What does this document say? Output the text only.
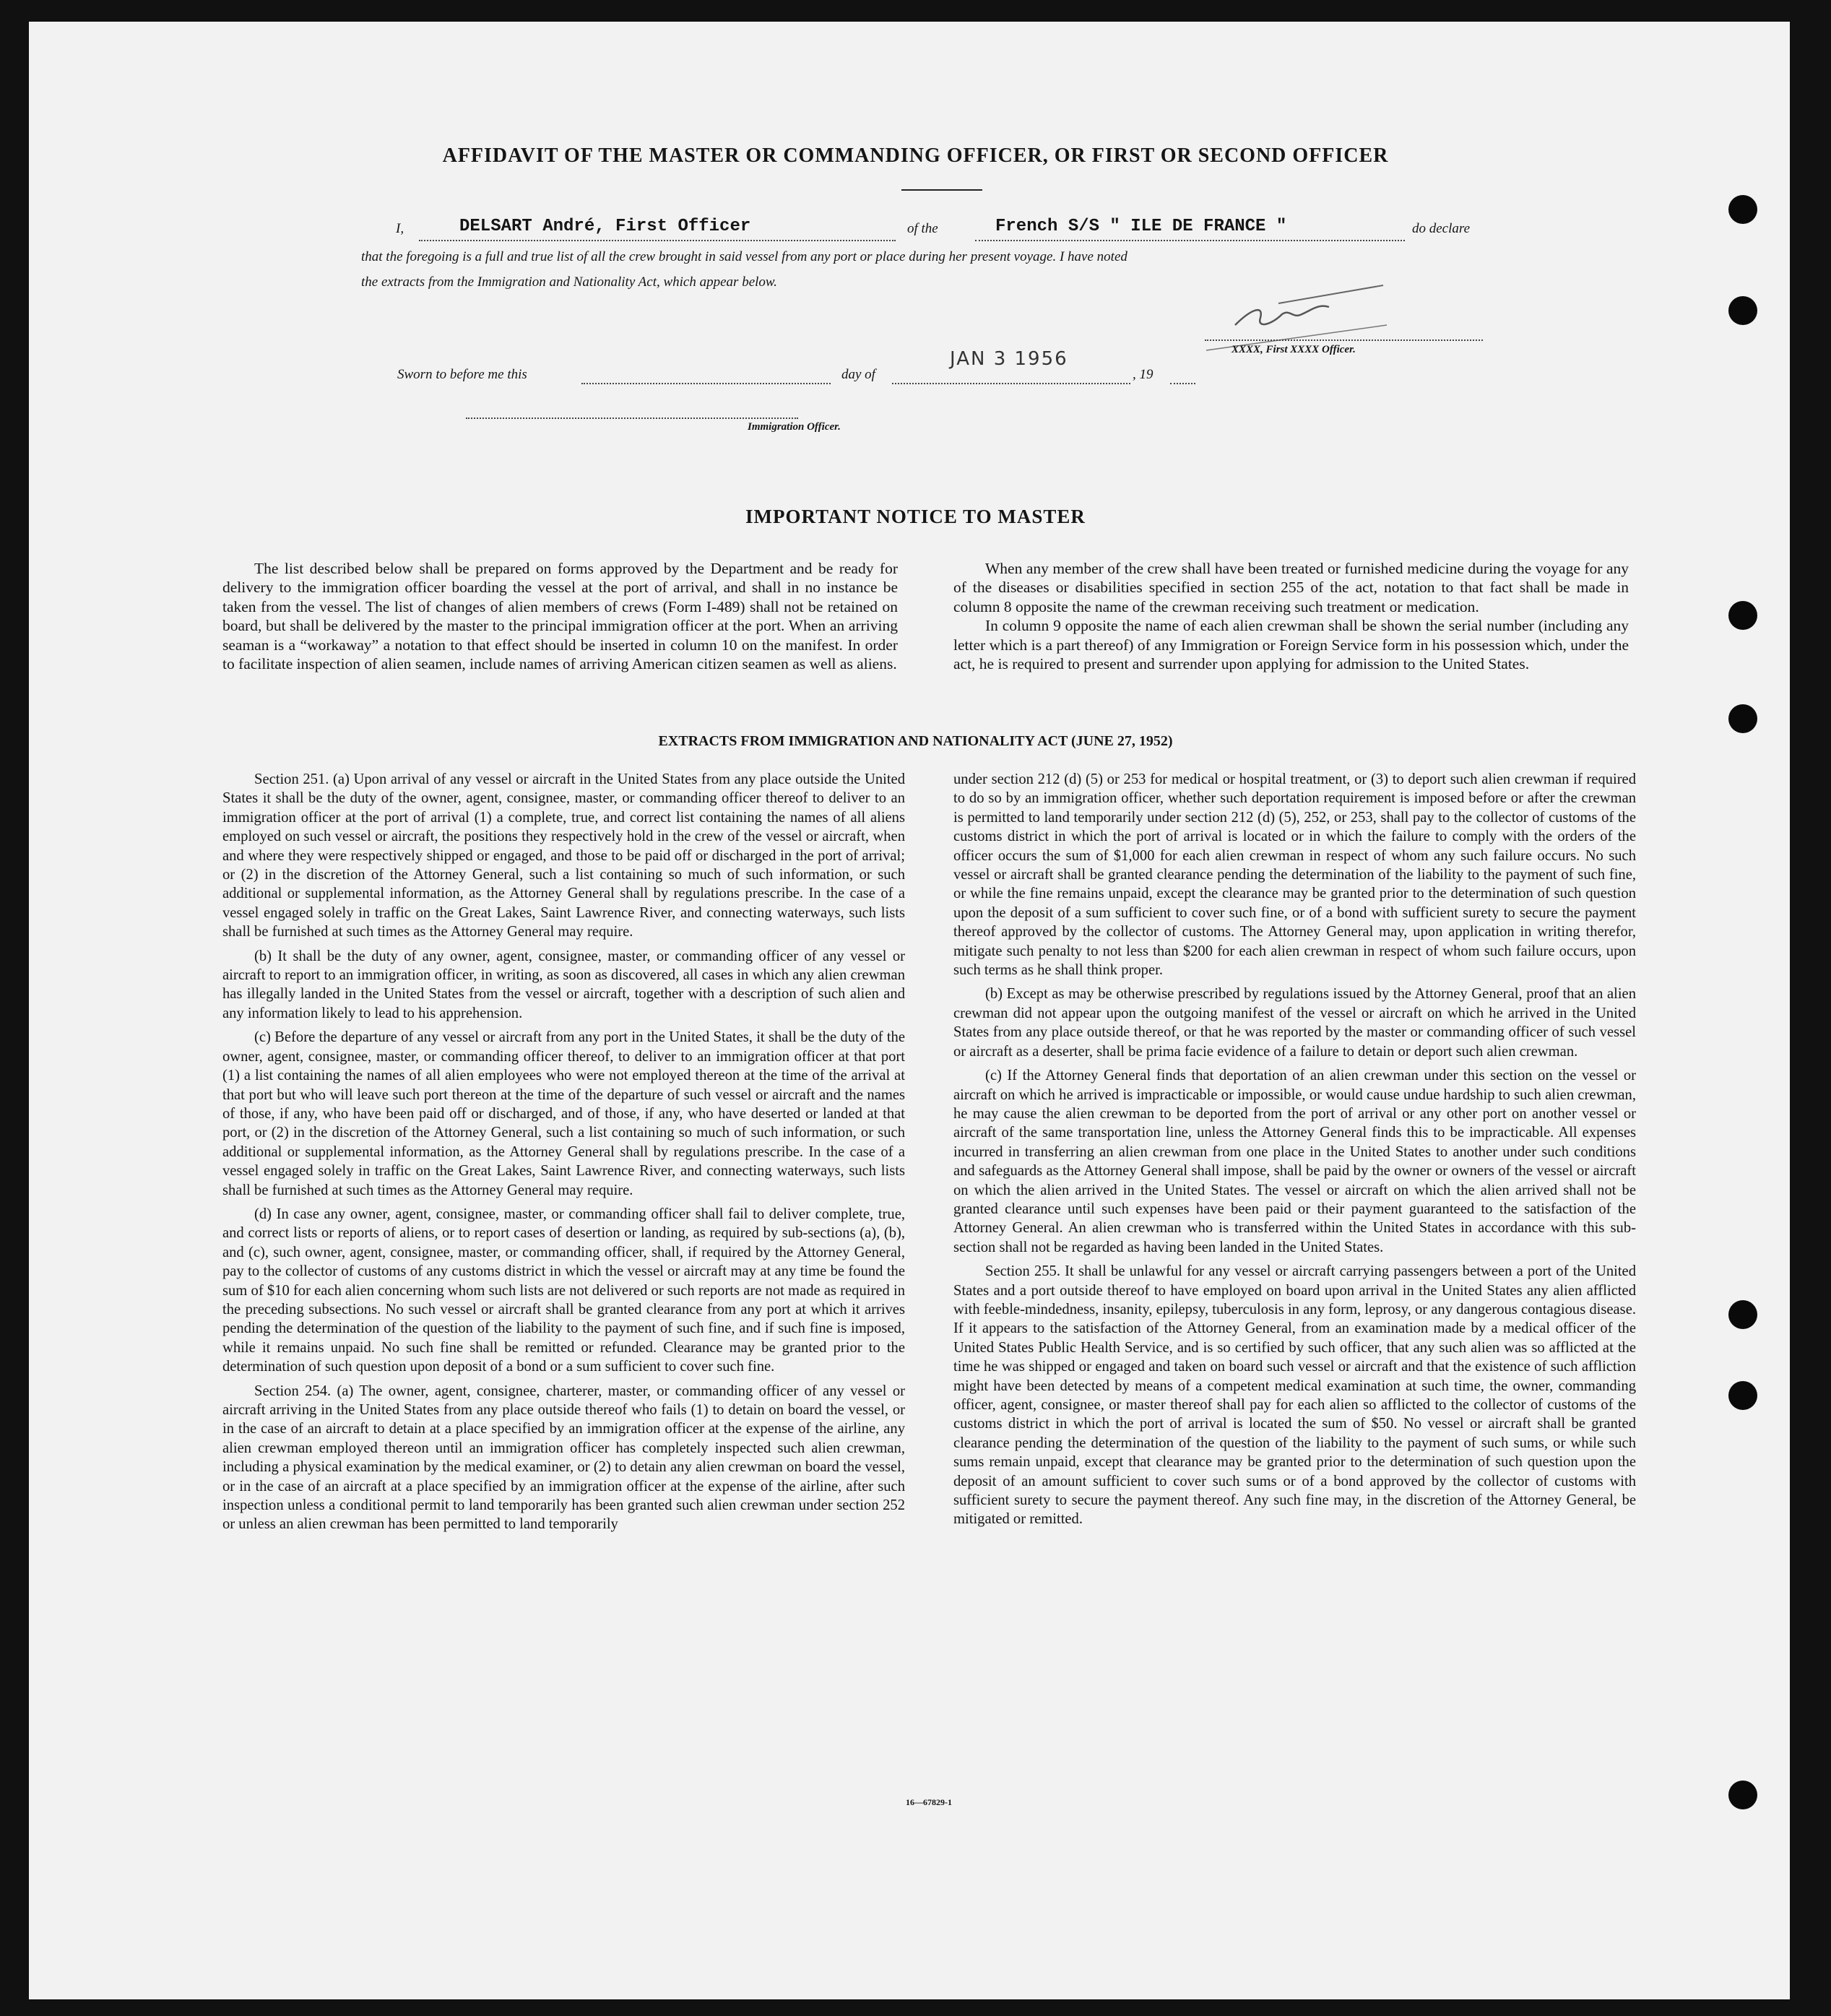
AFFIDAVIT OF THE MASTER OR COMMANDING OFFICER, OR FIRST OR SECOND OFFICER
I,	DELSART André, First Officer	of the	French S/S " ILE DE FRANCE "	do declare
that the foregoing is a full and true list of all the crew brought in said vessel from any port or place during her present voyage. I have noted
the extracts from the Immigration and Nationality Act, which appear below.
XXXX, First XXXX Officer.
Sworn to before me this	day of
JAN 3 1956
, 19
Immigration Officer.
IMPORTANT NOTICE TO MASTER

The list described below shall be prepared on forms approved by the Department and be ready for delivery to the immigration officer boarding the vessel at the port of arrival, and shall in no instance be taken from the vessel. The list of changes of alien members of crews (Form I-489) shall not be retained on board, but shall be delivered by the master to the principal immigration officer at the port. When an arriving seaman is a “workaway” a notation to that effect should be inserted in column 10 on the manifest. In order to facilitate inspection of alien seamen, include names of arriving American citizen seamen as well as aliens.

When any member of the crew shall have been treated or furnished medicine during the voyage for any of the diseases or disabilities specified in section 255 of the act, notation to that fact shall be made in column 8 opposite the name of the crewman receiving such treatment or medication.

In column 9 opposite the name of each alien crewman shall be shown the serial number (including any letter which is a part thereof) of any Immigration or Foreign Service form in his possession which, under the act, he is required to present and surrender upon applying for admission to the United States.

EXTRACTS FROM IMMIGRATION AND NATIONALITY ACT (JUNE 27, 1952)

Section 251. (a) Upon arrival of any vessel or aircraft in the United States from any place outside the United States it shall be the duty of the owner, agent, consignee, master, or commanding officer thereof to deliver to an immigration officer at the port of arrival (1) a complete, true, and correct list containing the names of all aliens employed on such vessel or aircraft, the positions they respectively hold in the crew of the vessel or aircraft, when and where they were respectively shipped or engaged, and those to be paid off or discharged in the port of arrival; or (2) in the discretion of the Attorney General, such a list containing so much of such information, or such additional or supplemental information, as the Attorney General shall by regulations prescribe. In the case of a vessel engaged solely in traffic on the Great Lakes, Saint Lawrence River, and connecting waterways, such lists shall be furnished at such times as the Attorney General may require.

(b) It shall be the duty of any owner, agent, consignee, master, or commanding officer of any vessel or aircraft to report to an immigration officer, in writing, as soon as discovered, all cases in which any alien crewman has illegally landed in the United States from the vessel or aircraft, together with a description of such alien and any information likely to lead to his apprehension.

(c) Before the departure of any vessel or aircraft from any port in the United States, it shall be the duty of the owner, agent, consignee, master, or commanding officer thereof, to deliver to an immigration officer at that port (1) a list containing the names of all alien employees who were not employed thereon at the time of the arrival at that port but who will leave such port thereon at the time of the departure of such vessel or aircraft and the names of those, if any, who have been paid off or discharged, and of those, if any, who have deserted or landed at that port, or (2) in the discretion of the Attorney General, such a list containing so much of such information, or such additional or supplemental information, as the Attorney General shall by regulations prescribe. In the case of a vessel engaged solely in traffic on the Great Lakes, Saint Lawrence River, and connecting waterways, such lists shall be furnished at such times as the Attorney General may require.

(d) In case any owner, agent, consignee, master, or commanding officer shall fail to deliver complete, true, and correct lists or reports of aliens, or to report cases of desertion or landing, as required by sub-sections (a), (b), and (c), such owner, agent, consignee, master, or commanding officer, shall, if required by the Attorney General, pay to the collector of customs of any customs district in which the vessel or aircraft may at any time be found the sum of $10 for each alien concerning whom such lists are not delivered or such reports are not made as required in the preceding subsections. No such vessel or aircraft shall be granted clearance from any port at which it arrives pending the determination of the question of the liability to the payment of such fine, and if such fine is imposed, while it remains unpaid. No such fine shall be remitted or refunded. Clearance may be granted prior to the determination of such question upon deposit of a bond or a sum sufficient to cover such fine.

Section 254. (a) The owner, agent, consignee, charterer, master, or commanding officer of any vessel or aircraft arriving in the United States from any place outside thereof who fails (1) to detain on board the vessel, or in the case of an aircraft to detain at a place specified by an immigration officer at the expense of the airline, any alien crewman employed thereon until an immigration officer has completely inspected such alien crewman, including a physical examination by the medical examiner, or (2) to detain any alien crewman on board the vessel, or in the case of an aircraft at a place specified by an immigration officer at the expense of the airline, after such inspection unless a conditional permit to land temporarily has been granted such alien crewman under section 252 or unless an alien crewman has been permitted to land temporarily

under section 212 (d) (5) or 253 for medical or hospital treatment, or (3) to deport such alien crewman if required to do so by an immigration officer, whether such deportation requirement is imposed before or after the crewman is permitted to land temporarily under section 212 (d) (5), 252, or 253, shall pay to the collector of customs of the customs district in which the port of arrival is located or in which the failure to comply with the orders of the officer occurs the sum of $1,000 for each alien crewman in respect of whom any such failure occurs. No such vessel or aircraft shall be granted clearance pending the determination of the liability to the payment of such fine, or while the fine remains unpaid, except the clearance may be granted prior to the determination of such question upon the deposit of a sum sufficient to cover such fine, or of a bond with sufficient surety to secure the payment thereof approved by the collector of customs. The Attorney General may, upon application in writing therefor, mitigate such penalty to not less than $200 for each alien crewman in respect of whom such failure occurs, upon such terms as he shall think proper.

(b) Except as may be otherwise prescribed by regulations issued by the Attorney General, proof that an alien crewman did not appear upon the outgoing manifest of the vessel or aircraft on which he arrived in the United States from any place outside thereof, or that he was reported by the master or commanding officer of such vessel or aircraft as a deserter, shall be prima facie evidence of a failure to detain or deport such alien crewman.

(c) If the Attorney General finds that deportation of an alien crewman under this section on the vessel or aircraft on which he arrived is impracticable or impossible, or would cause undue hardship to such alien crewman, he may cause the alien crewman to be deported from the port of arrival or any other port on another vessel or aircraft of the same transportation line, unless the Attorney General finds this to be impracticable. All expenses incurred in transferring an alien crewman from one place in the United States to another under such conditions and safeguards as the Attorney General shall impose, shall be paid by the owner or owners of the vessel or aircraft on which the alien arrived in the United States. The vessel or aircraft on which the alien arrived shall not be granted clearance until such expenses have been paid or their payment guaranteed to the satisfaction of the Attorney General. An alien crewman who is transferred within the United States in accordance with this sub-section shall not be regarded as having been landed in the United States.

Section 255. It shall be unlawful for any vessel or aircraft carrying passengers between a port of the United States and a port outside thereof to have employed on board upon arrival in the United States any alien afflicted with feeble-mindedness, insanity, epilepsy, tuberculosis in any form, leprosy, or any dangerous contagious disease. If it appears to the satisfaction of the Attorney General, from an examination made by a medical officer of the United States Public Health Service, and is so certified by such officer, that any such alien was so afflicted at the time he was shipped or engaged and taken on board such vessel or aircraft and that the existence of such affliction might have been detected by means of a competent medical examination at such time, the owner, commanding officer, agent, consignee, or master thereof shall pay for each alien so afflicted to the collector of customs of the customs district in which the port of arrival is located the sum of $50. No vessel or aircraft shall be granted clearance pending the determination of the question of the liability to the payment of such sums, or while such sums remain unpaid, except that clearance may be granted prior to the determination of such question upon the deposit of an amount sufficient to cover such sums or of a bond approved by the collector of customs with sufficient surety to secure the payment thereof. Any such fine may, in the discretion of the Attorney General, be mitigated or remitted.

16—67829-1
